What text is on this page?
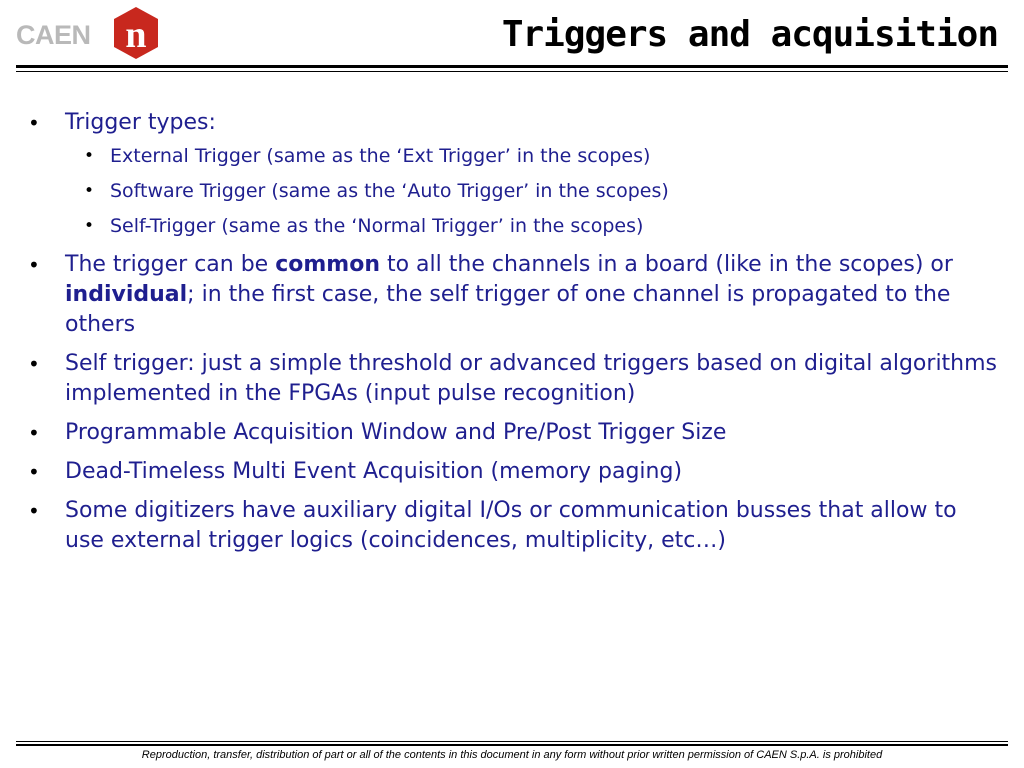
CAEN n	Triggers and acquisition
• Trigger types:
• External Trigger (same as the ‘Ext Trigger’ in the scopes)
• Software Trigger (same as the ‘Auto Trigger’ in the scopes)
• Self-Trigger (same as the ‘Normal Trigger’ in the scopes)
• The trigger can be common to all the channels in a board (like in the scopes) or individual; in the first case, the self trigger of one channel is propagated to the others
• Self trigger: just a simple threshold or advanced triggers based on digital algorithms implemented in the FPGAs (input pulse recognition)
• Programmable Acquisition Window and Pre/Post Trigger Size
• Dead-Timeless Multi Event Acquisition (memory paging)
• Some digitizers have auxiliary digital I/Os or communication busses that allow to use external trigger logics (coincidences, multiplicity, etc…)
Reproduction, transfer, distribution of part or all of the contents in this document in any form without prior written permission of CAEN S.p.A. is prohibited
